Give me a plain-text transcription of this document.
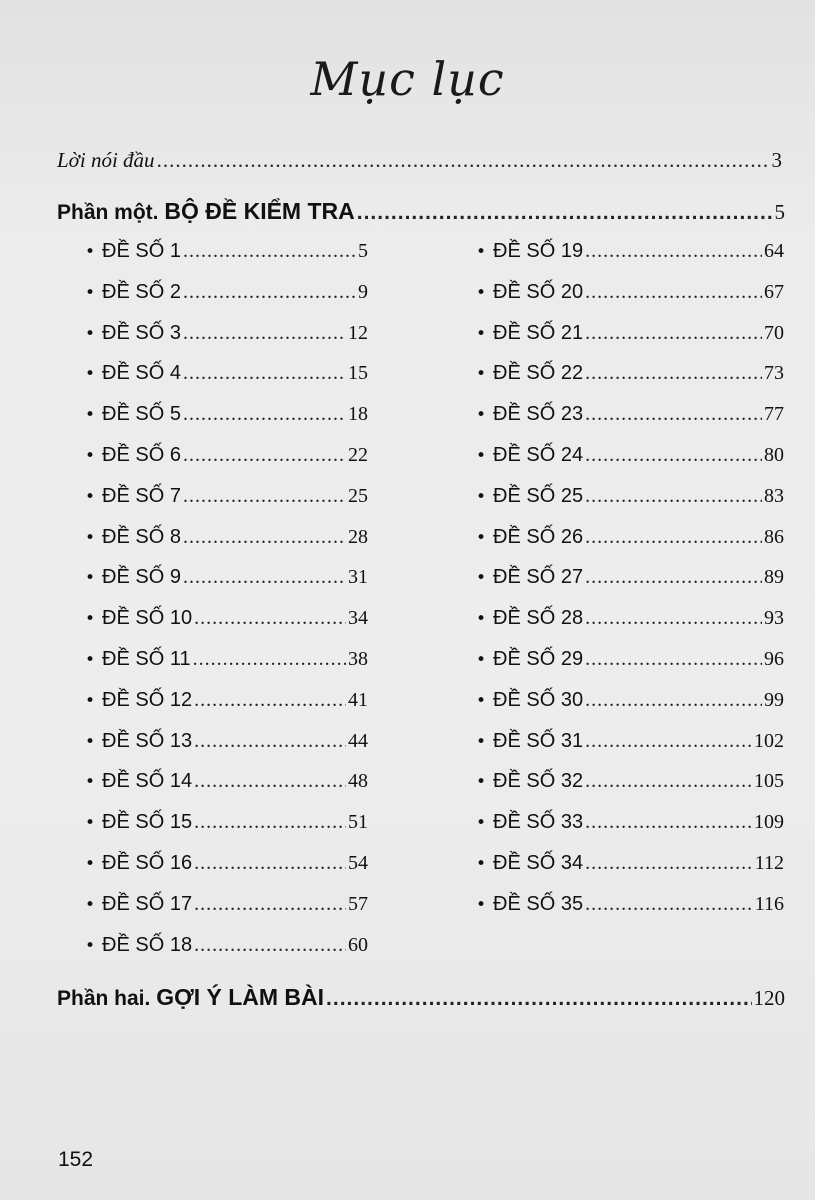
Mục lục
Lời nói đầu .....	3
Phần một.
BỘ ĐỀ KIỂM TRA .....	5
• ĐỀ SỐ 1 .....	5
• ĐỀ SỐ 2 .....	9
• ĐỀ SỐ 3 .....	12
• ĐỀ SỐ 4 .....	15
• ĐỀ SỐ 5 .....	18
• ĐỀ SỐ 6 .....	22
• ĐỀ SỐ 7 .....	25
• ĐỀ SỐ 8 .....	28
• ĐỀ SỐ 9 .....	31
• ĐỀ SỐ 10 .....	34
• ĐỀ SỐ 11 .....	38
• ĐỀ SỐ 12 .....	41
• ĐỀ SỐ 13 .....	44
• ĐỀ SỐ 14 .....	48
• ĐỀ SỐ 15 .....	51
• ĐỀ SỐ 16 .....	54
• ĐỀ SỐ 17 .....	57
• ĐỀ SỐ 18 .....	60
• ĐỀ SỐ 19 .....	64
• ĐỀ SỐ 20 .....	67
• ĐỀ SỐ 21 .....	70
• ĐỀ SỐ 22 .....	73
• ĐỀ SỐ 23 .....	77
• ĐỀ SỐ 24 .....	80
• ĐỀ SỐ 25 .....	83
• ĐỀ SỐ 26 .....	86
• ĐỀ SỐ 27 .....	89
• ĐỀ SỐ 28 .....	93
• ĐỀ SỐ 29 .....	96
• ĐỀ SỐ 30 .....	99
• ĐỀ SỐ 31 .....	102
• ĐỀ SỐ 32 .....	105
• ĐỀ SỐ 33 .....	109
• ĐỀ SỐ 34 .....	112
• ĐỀ SỐ 35 .....	116
Phần hai.
GỢI Ý LÀM BÀI .....	120
152
